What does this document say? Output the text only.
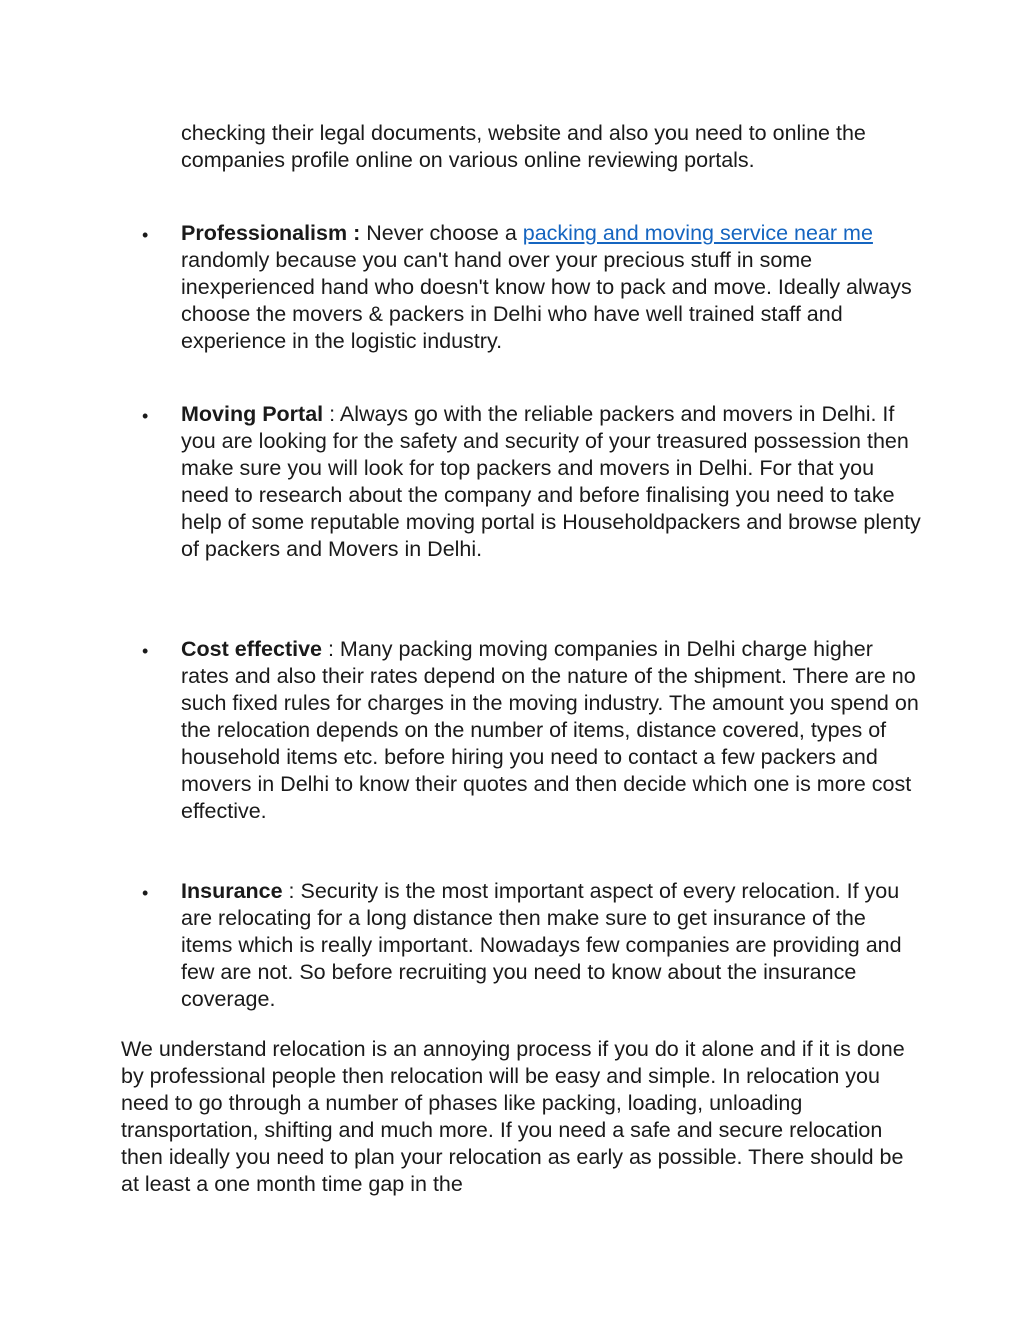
checking their legal documents, website and also you need to online the companies profile online on various online reviewing portals.
• Professionalism : Never choose a packing and moving service near me randomly because you can't hand over your precious stuff in some inexperienced hand who doesn't know how to pack and move. Ideally always choose the movers & packers in Delhi who have well trained staff and experience in the logistic industry.
• Moving Portal : Always go with the reliable packers and movers in Delhi. If you are looking for the safety and security of your treasured possession then make sure you will look for top packers and movers in Delhi. For that you need to research about the company and before finalising you need to take help of some reputable moving portal is Householdpackers and browse plenty of packers and Movers in Delhi.
• Cost effective : Many packing moving companies in Delhi charge higher rates and also their rates depend on the nature of the shipment. There are no such fixed rules for charges in the moving industry. The amount you spend on the relocation depends on the number of items, distance covered, types of household items etc. before hiring you need to contact a few packers and movers in Delhi to know their quotes and then decide which one is more cost effective.
• Insurance : Security is the most important aspect of every relocation. If you are relocating for a long distance then make sure to get insurance of the items which is really important. Nowadays few companies are providing and few are not. So before recruiting you need to know about the insurance coverage.
We understand relocation is an annoying process if you do it alone and if it is done by professional people then relocation will be easy and simple. In relocation you need to go through a number of phases like packing, loading, unloading transportation, shifting and much more. If you need a safe and secure relocation then ideally you need to plan your relocation as early as possible. There should be at least a one month time gap in the
